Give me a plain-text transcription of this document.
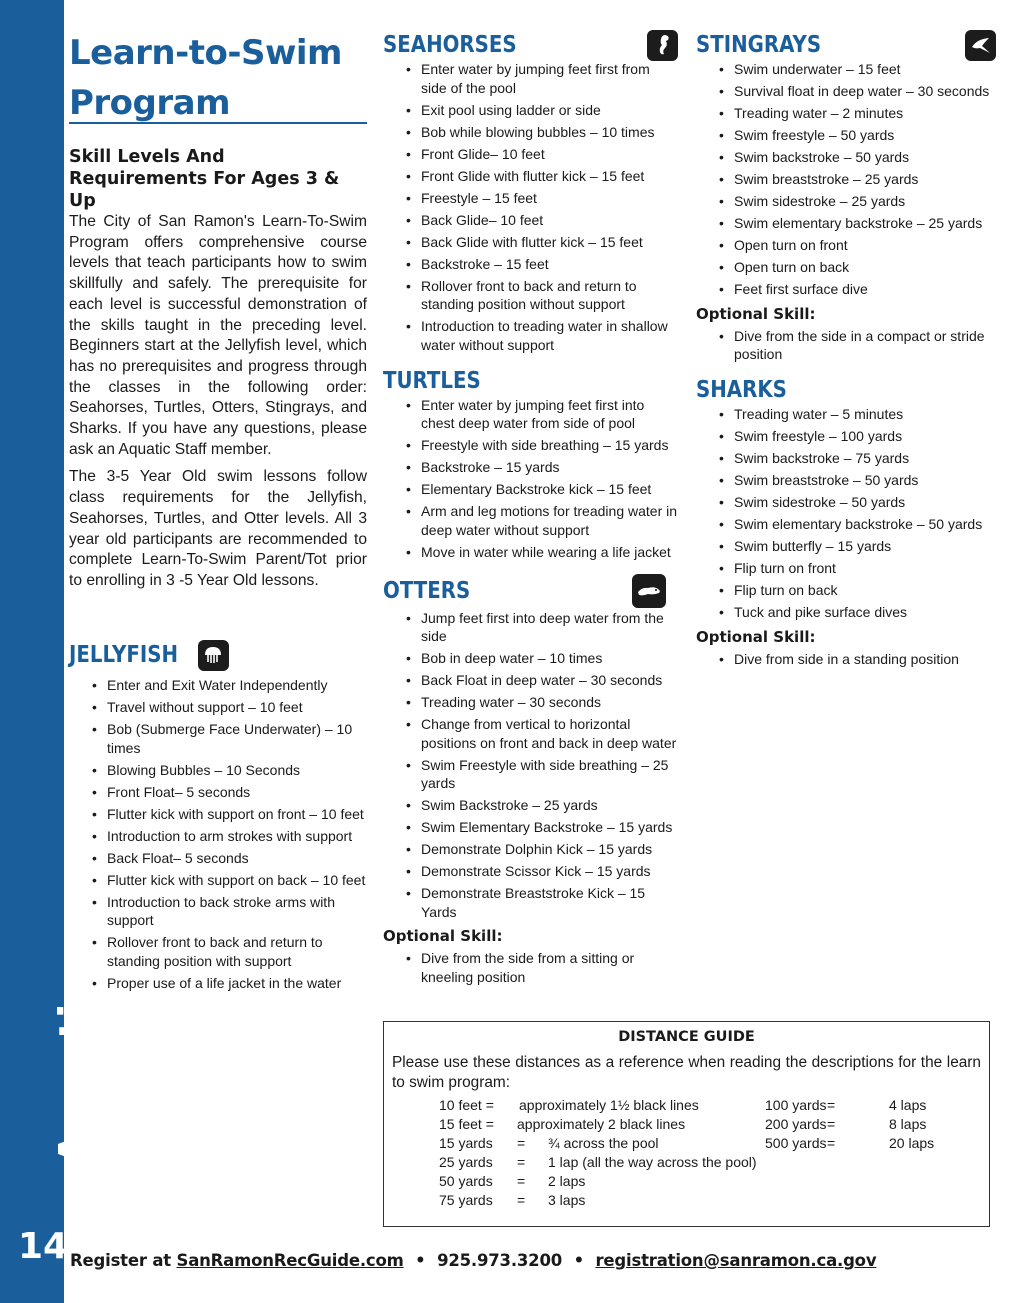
Aquatics
14
Learn-to-Swim
Program
Skill Levels And Requirements For Ages 3 & Up

The City of San Ramon's Learn-To-Swim Program offers comprehensive course levels that teach participants how to swim skillfully and safely. The prerequisite for each level is successful demonstration of the skills taught in the preceding level. Beginners start at the Jellyfish level, which has no prerequisites and progress through the classes in the following order: Seahorses, Turtles, Otters, Stingrays, and Sharks. If you have any questions, please ask an Aquatic Staff member.

The 3-5 Year Old swim lessons follow class requirements for the Jellyfish, Seahorses, Turtles, and Otter levels. All 3 year old participants are recommended to complete Learn-To-Swim Parent/Tot prior to enrolling in 3 -5 Year Old lessons.

JELLYFISH
• Enter and Exit Water Independently
• Travel without support – 10 feet
• Bob (Submerge Face Underwater) – 10 times
• Blowing Bubbles – 10 Seconds
• Front Float– 5 seconds
• Flutter kick with support on front – 10 feet
• Introduction to arm strokes with support
• Back Float– 5 seconds
• Flutter kick with support on back – 10 feet
• Introduction to back stroke arms with support
• Rollover front to back and return to standing position with support
• Proper use of a life jacket in the water
SEAHORSES
• Enter water by jumping feet first from side of the pool
• Exit pool using ladder or side
• Bob while blowing bubbles – 10 times
• Front Glide– 10 feet
• Front Glide with flutter kick – 15 feet
• Freestyle – 15 feet
• Back Glide– 10 feet
• Back Glide with flutter kick – 15 feet
• Backstroke – 15 feet
• Rollover front to back and return to standing position without support
• Introduction to treading water in shallow water without support
TURTLES
• Enter water by jumping feet first into chest deep water from side of pool
• Freestyle with side breathing – 15 yards
• Backstroke – 15 yards
• Elementary Backstroke kick – 15 feet
• Arm and leg motions for treading water in deep water without support
• Move in water while wearing a life jacket
OTTERS
• Jump feet first into deep water from the side
• Bob in deep water – 10 times
• Back Float in deep water – 30 seconds
• Treading water – 30 seconds
• Change from vertical to horizontal positions on front and back in deep water
• Swim Freestyle with side breathing – 25 yards
• Swim Backstroke – 25 yards
• Swim Elementary Backstroke – 15 yards
• Demonstrate Dolphin Kick – 15 yards
• Demonstrate Scissor Kick – 15 yards
• Demonstrate Breaststroke Kick – 15 Yards
Optional Skill:
• Dive from the side from a sitting or kneeling position
STINGRAYS
• Swim underwater – 15 feet
• Survival float in deep water – 30 seconds
• Treading water – 2 minutes
• Swim freestyle – 50 yards
• Swim backstroke – 50 yards
• Swim breaststroke – 25 yards
• Swim sidestroke – 25 yards
• Swim elementary backstroke – 25 yards
• Open turn on front
• Open turn on back
• Feet first surface dive
Optional Skill:
• Dive from the side in a compact or stride position
SHARKS
• Treading water – 5 minutes
• Swim freestyle – 100 yards
• Swim backstroke – 75 yards
• Swim breaststroke – 50 yards
• Swim sidestroke – 50 yards
• Swim elementary backstroke – 50 yards
• Swim butterfly – 15 yards
• Flip turn on front
• Flip turn on back
• Tuck and pike surface dives
Optional Skill:
• Dive from side in a standing position
DISTANCE GUIDE
Please use these distances as a reference when reading the descriptions for the learn to swim program:
10 feet = approximately 1½ black lines
15 feet = approximately 2 black lines
15 yards = ¾ across the pool
25 yards = 1 lap (all the way across the pool)
50 yards = 2 laps
75 yards = 3 laps
100 yards =	4 laps
200 yards =	8 laps
500 yards =	20 laps
Register at SanRamonRecGuide.com • 925.973.3200 • registration@sanramon.ca.gov
